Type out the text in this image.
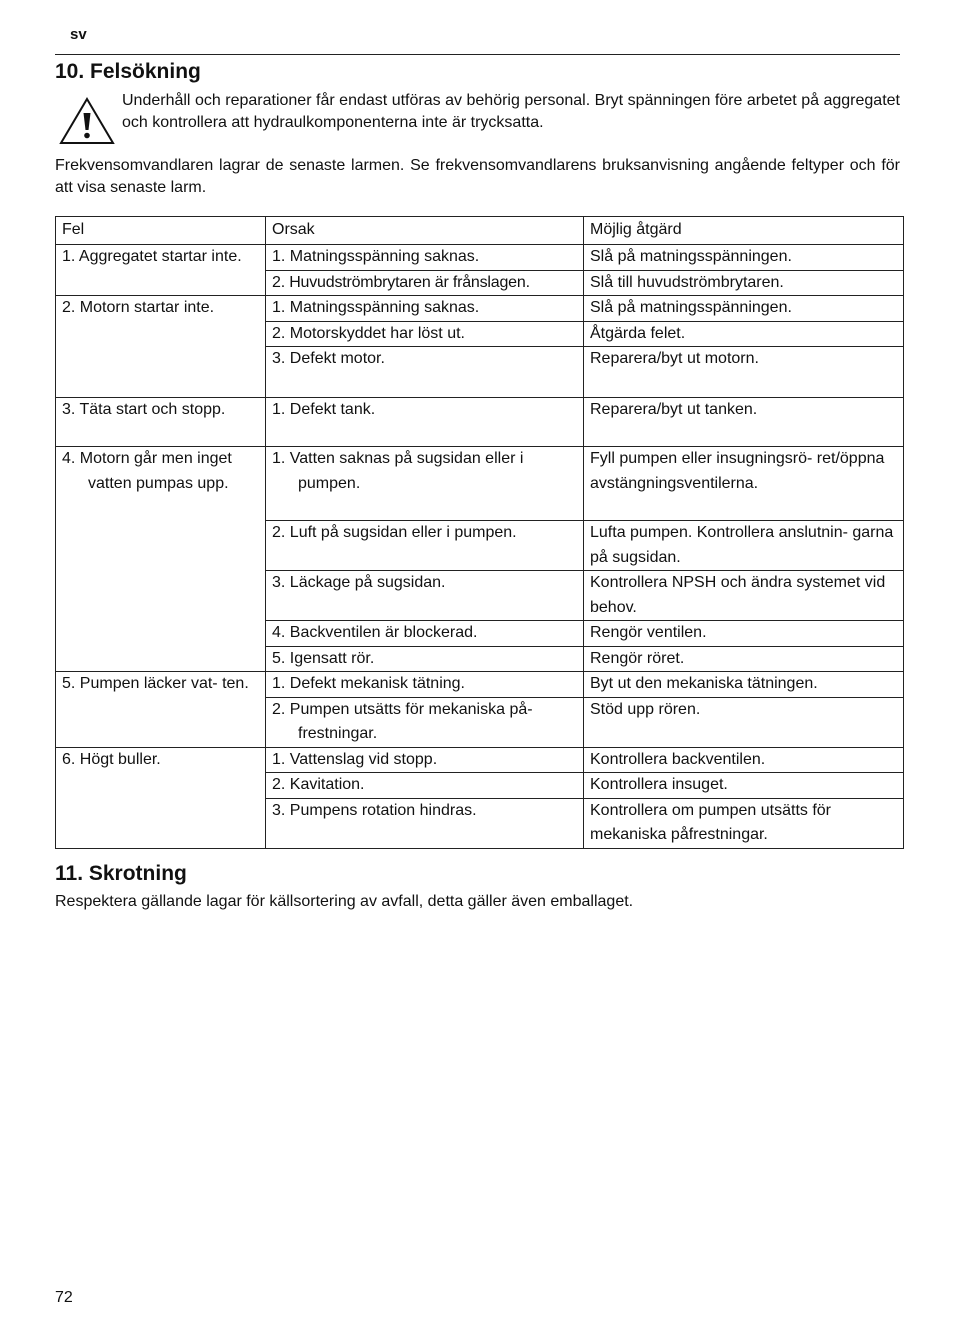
sv
10. Felsökning
Underhåll och reparationer får endast utföras av behörig personal. Bryt spänningen före arbetet på aggregatet och kontrollera att hydraulkomponenterna inte är trycksatta.
Frekvensomvandlaren lagrar de senaste larmen. Se frekvensomvandlarens bruksanvisning angående feltyper och för att visa senaste larm.
Fel	Orsak	Möjlig åtgärd

1. Aggregatet startar inte.	1. Matningsspänning saknas.	Slå på matningsspänningen.

	2. Huvudströmbrytaren är frånslagen.	Slå till huvudströmbrytaren.

2. Motorn startar inte.	1. Matningsspänning saknas.	Slå på matningsspänningen.

	2. Motorskyddet har löst ut.	Åtgärda felet.

	3. Defekt motor.	Reparera/byt ut motorn.

3. Täta start och stopp.	1. Defekt tank.	Reparera/byt ut tanken.

4. Motorn går men inget vatten pumpas upp.	1. Vatten saknas på sugsidan eller i pumpen.	Fyll pumpen eller insugningsrö- ret/öppna avstängningsventilerna.

	2. Luft på sugsidan eller i pumpen.	Lufta pumpen. Kontrollera anslutnin- garna på sugsidan.

	3. Läckage på sugsidan.	Kontrollera NPSH och ändra systemet vid behov.

	4. Backventilen är blockerad.	Rengör ventilen.

	5. Igensatt rör.	Rengör röret.

5. Pumpen läcker vat- ten.	1. Defekt mekanisk tätning.	Byt ut den mekaniska tätningen.

	2. Pumpen utsätts för mekaniska på- frestningar.	Stöd upp rören.

6. Högt buller.	1. Vattenslag vid stopp.	Kontrollera backventilen.

	2. Kavitation.	Kontrollera insuget.

	3. Pumpens rotation hindras.	Kontrollera om pumpen utsätts för mekaniska påfrestningar.
11. Skrotning
Respektera gällande lagar för källsortering av avfall, detta gäller även emballaget.
72
